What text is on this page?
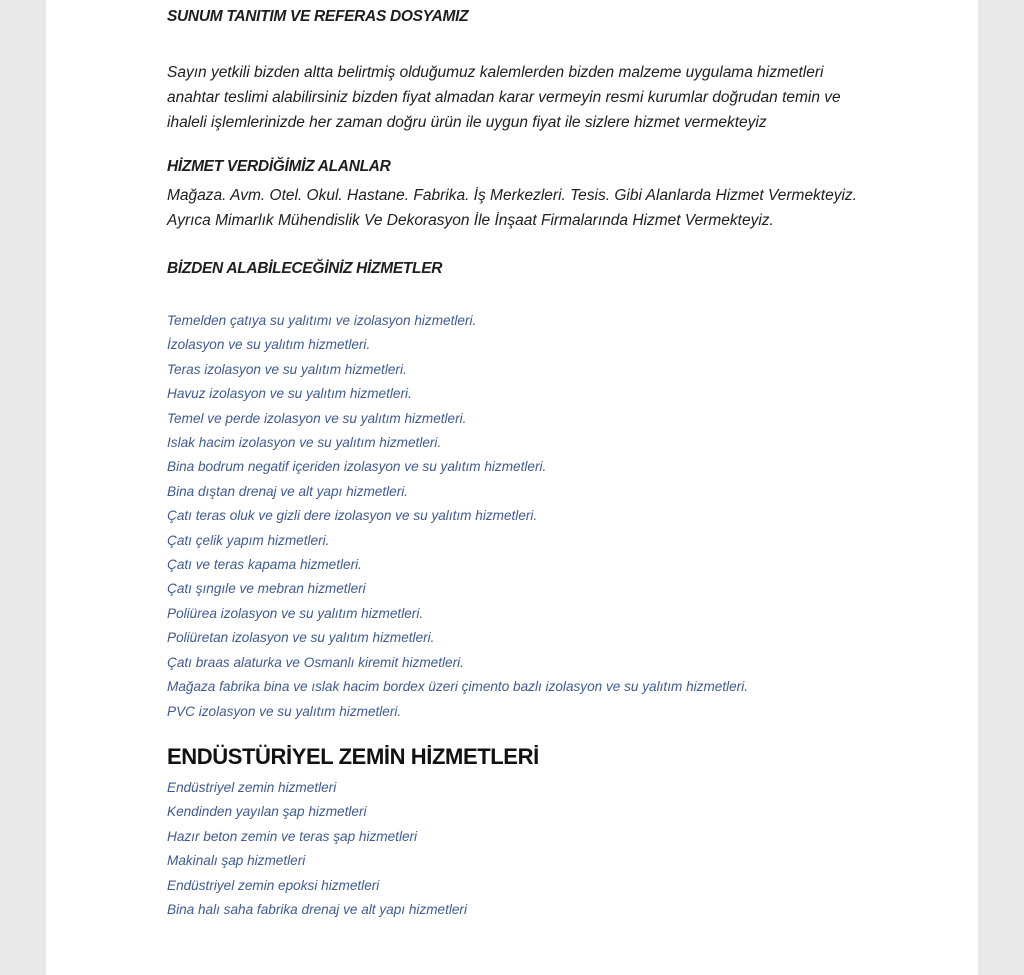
SUNUM TANITIM VE REFERAS DOSYAMIZ

Sayın yetkili bizden altta belirtmiş olduğumuz kalemlerden bizden malzeme uygulama hizmetleri

anahtar teslimi alabilirsiniz bizden fiyat almadan karar vermeyin resmi kurumlar doğrudan temin ve

ihaleli işlemlerinizde her zaman doğru ürün ile uygun fiyat ile sizlere hizmet vermekteyiz

HİZMET VERDİĞİMİZ ALANLAR

Mağaza. Avm. Otel. Okul. Hastane. Fabrika. İş Merkezleri. Tesis. Gibi Alanlarda Hizmet Vermekteyiz.

Ayrıca Mimarlık Mühendislik Ve Dekorasyon İle İnşaat Firmalarında Hizmet Vermekteyiz.

BİZDEN ALABİLECEĞİNİZ HİZMETLER
Temelden çatıya su yalıtımı ve izolasyon hizmetleri.
İzolasyon ve su yalıtım hizmetleri.
Teras izolasyon ve su yalıtım hizmetleri.
Havuz izolasyon ve su yalıtım hizmetleri.
Temel ve perde izolasyon ve su yalıtım hizmetleri.
Islak hacim izolasyon ve su yalıtım hizmetleri.
Bina bodrum negatif içeriden izolasyon ve su yalıtım hizmetleri.
Bina dıştan drenaj ve alt yapı hizmetleri.
Çatı teras oluk ve gizli dere izolasyon ve su yalıtım hizmetleri.
Çatı çelik yapım hizmetleri.
Çatı ve teras kapama hizmetleri.
Çatı şıngıle ve mebran hizmetleri
Poliürea izolasyon ve su yalıtım hizmetleri.
Poliüretan izolasyon ve su yalıtım hizmetleri.
Çatı braas alaturka ve Osmanlı kiremit hizmetleri.
Mağaza fabrika bina ve ıslak hacim bordex üzeri çimento bazlı izolasyon ve su yalıtım hizmetleri.
PVC izolasyon ve su yalıtım hizmetleri.
ENDÜSTÜRİYEL ZEMİN HİZMETLERİ
Endüstriyel zemin hizmetleri
Kendinden yayılan şap hizmetleri
Hazır beton zemin ve teras şap hizmetleri
Makinalı şap hizmetleri
Endüstriyel zemin epoksi hizmetleri
Bina halı saha fabrika drenaj ve alt yapı hizmetleri
